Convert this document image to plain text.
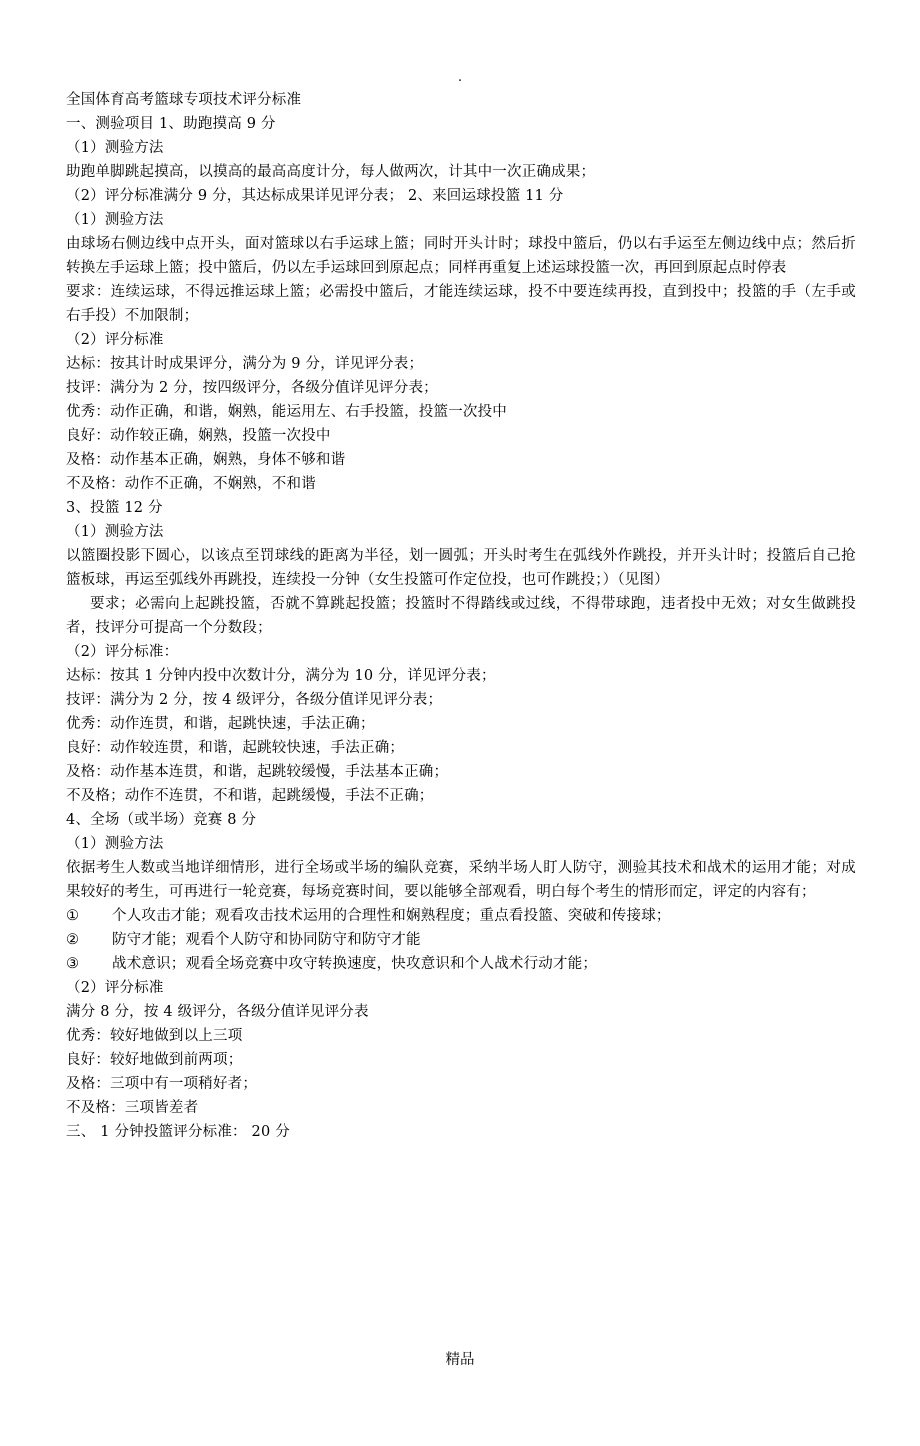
.

全国体育高考篮球专项技术评分标准

一、测验项目 1、助跑摸高 9 分

（1）测验方法

助跑单脚跳起摸高，以摸高的最高高度计分，每人做两次，计其中一次正确成果；

（2）评分标准满分 9 分，其达标成果详见评分表； 2、来回运球投篮 11 分

（1）测验方法

由球场右侧边线中点开头，面对篮球以右手运球上篮；同时开头计时；球投中篮后，仍以右手运至左侧边线中点；然后折转换左手运球上篮；投中篮后，仍以左手运球回到原起点；同样再重复上述运球投篮一次，再回到原起点时停表

要求：连续运球，不得远推运球上篮；必需投中篮后，才能连续运球，投不中要连续再投，直到投中；投篮的手（左手或右手投）不加限制；

（2）评分标准

达标：按其计时成果评分，满分为 9 分，详见评分表；

技评：满分为 2 分，按四级评分，各级分值详见评分表；

优秀：动作正确，和谐，娴熟，能运用左、右手投篮，投篮一次投中

良好：动作较正确，娴熟，投篮一次投中

及格：动作基本正确，娴熟，身体不够和谐

不及格：动作不正确，不娴熟，不和谐

3、投篮 12 分

（1）测验方法

以篮圈投影下圆心，以该点至罚球线的距离为半径，划一圆弧；开头时考生在弧线外作跳投，并开头计时；投篮后自己抢篮板球，再运至弧线外再跳投，连续投一分钟（女生投篮可作定位投，也可作跳投；）（见图）

要求；必需向上起跳投篮，否就不算跳起投篮；投篮时不得踏线或过线，不得带球跑，违者投中无效；对女生做跳投者，技评分可提高一个分数段；

（2）评分标准：

达标：按其 1 分钟内投中次数计分，满分为 10 分，详见评分表；

技评：满分为 2 分，按 4 级评分，各级分值详见评分表；

优秀：动作连贯，和谐，起跳快速，手法正确；

良好：动作较连贯，和谐，起跳较快速，手法正确；

及格：动作基本连贯，和谐，起跳较缓慢，手法基本正确；

不及格；动作不连贯，不和谐，起跳缓慢，手法不正确；

4、全场（或半场）竞赛 8 分

（1）测验方法

依据考生人数或当地详细情形，进行全场或半场的编队竞赛，采纳半场人盯人防守，测验其技术和战术的运用才能；对成果较好的考生，可再进行一轮竞赛，每场竞赛时间，要以能够全部观看，明白每个考生的情形而定，评定的内容有；

①	个人攻击才能；观看攻击技术运用的合理性和娴熟程度；重点看投篮、突破和传接球；
②	防守才能；观看个人防守和协同防守和防守才能
③	战术意识；观看全场竞赛中攻守转换速度，快攻意识和个人战术行动才能；

（2）评分标准

满分 8 分，按 4 级评分，各级分值详见评分表

优秀：较好地做到以上三项

良好：较好地做到前两项；

及格：三项中有一项稍好者；

不及格：三项皆差者

三、 1 分钟投篮评分标准： 20 分

精品
